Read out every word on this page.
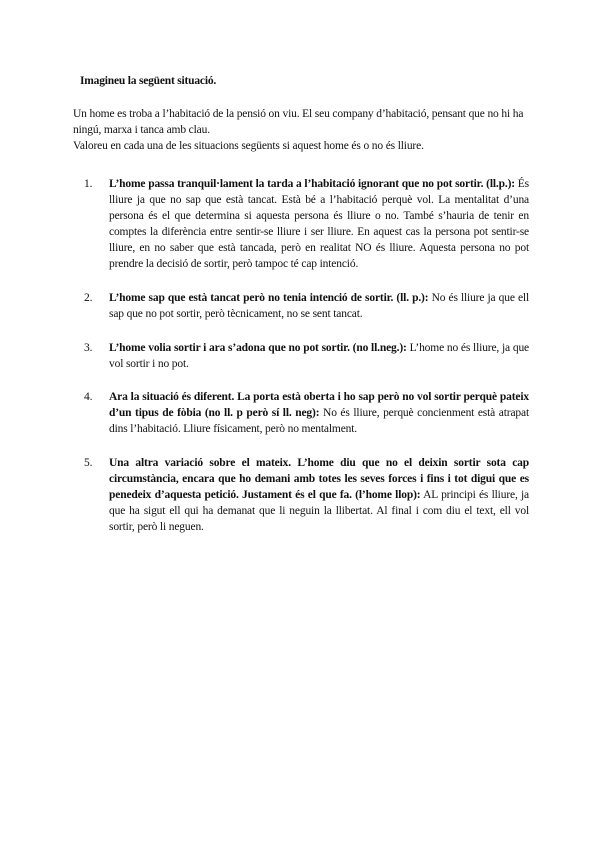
Imagineu la següent situació.

Un home es troba a l’habitació de la pensió on viu. El seu company d’habitació, pensant que no hi ha ningú, marxa i tanca amb clau.

Valoreu en cada una de les situacions següents si aquest home és o no és lliure.

1.	L’home passa tranquil·lament la tarda a l’habitació ignorant que no pot sortir. (ll.p.): És lliure ja que no sap que està tancat. Està bé a l’habitació perquè vol. La mentalitat d’una persona és el que determina si aquesta persona és lliure o no. També s’hauria de tenir en comptes la diferència entre sentir-se lliure i ser lliure. En aquest cas la persona pot sentir-se lliure, en no saber que està tancada, però en realitat NO és lliure. Aquesta persona no pot prendre la decisió de sortir, però tampoc té cap intenció.
2.	L’home sap que està tancat però no tenia intenció de sortir. (ll. p.): No és lliure ja que ell sap que no pot sortir, però tècnicament, no se sent tancat.
3.	L’home volia sortir i ara s’adona que no pot sortir. (no ll.neg.): L’home no és lliure, ja que vol sortir i no pot.
4.	Ara la situació és diferent. La porta està oberta i ho sap però no vol sortir perquè pateix d’un tipus de fòbia (no ll. p però sí ll. neg): No és lliure, perquè concienment està atrapat dins l’habitació. Lliure físicament, però no mentalment.
5.	Una altra variació sobre el mateix. L’home diu que no el deixin sortir sota cap circumstància, encara que ho demani amb totes les seves forces i fins i tot digui que es penedeix d’aquesta petició. Justament és el que fa. (l’home llop): AL principi és lliure, ja que ha sigut ell qui ha demanat que li neguin la llibertat. Al final i com diu el text, ell vol sortir, però li neguen.
